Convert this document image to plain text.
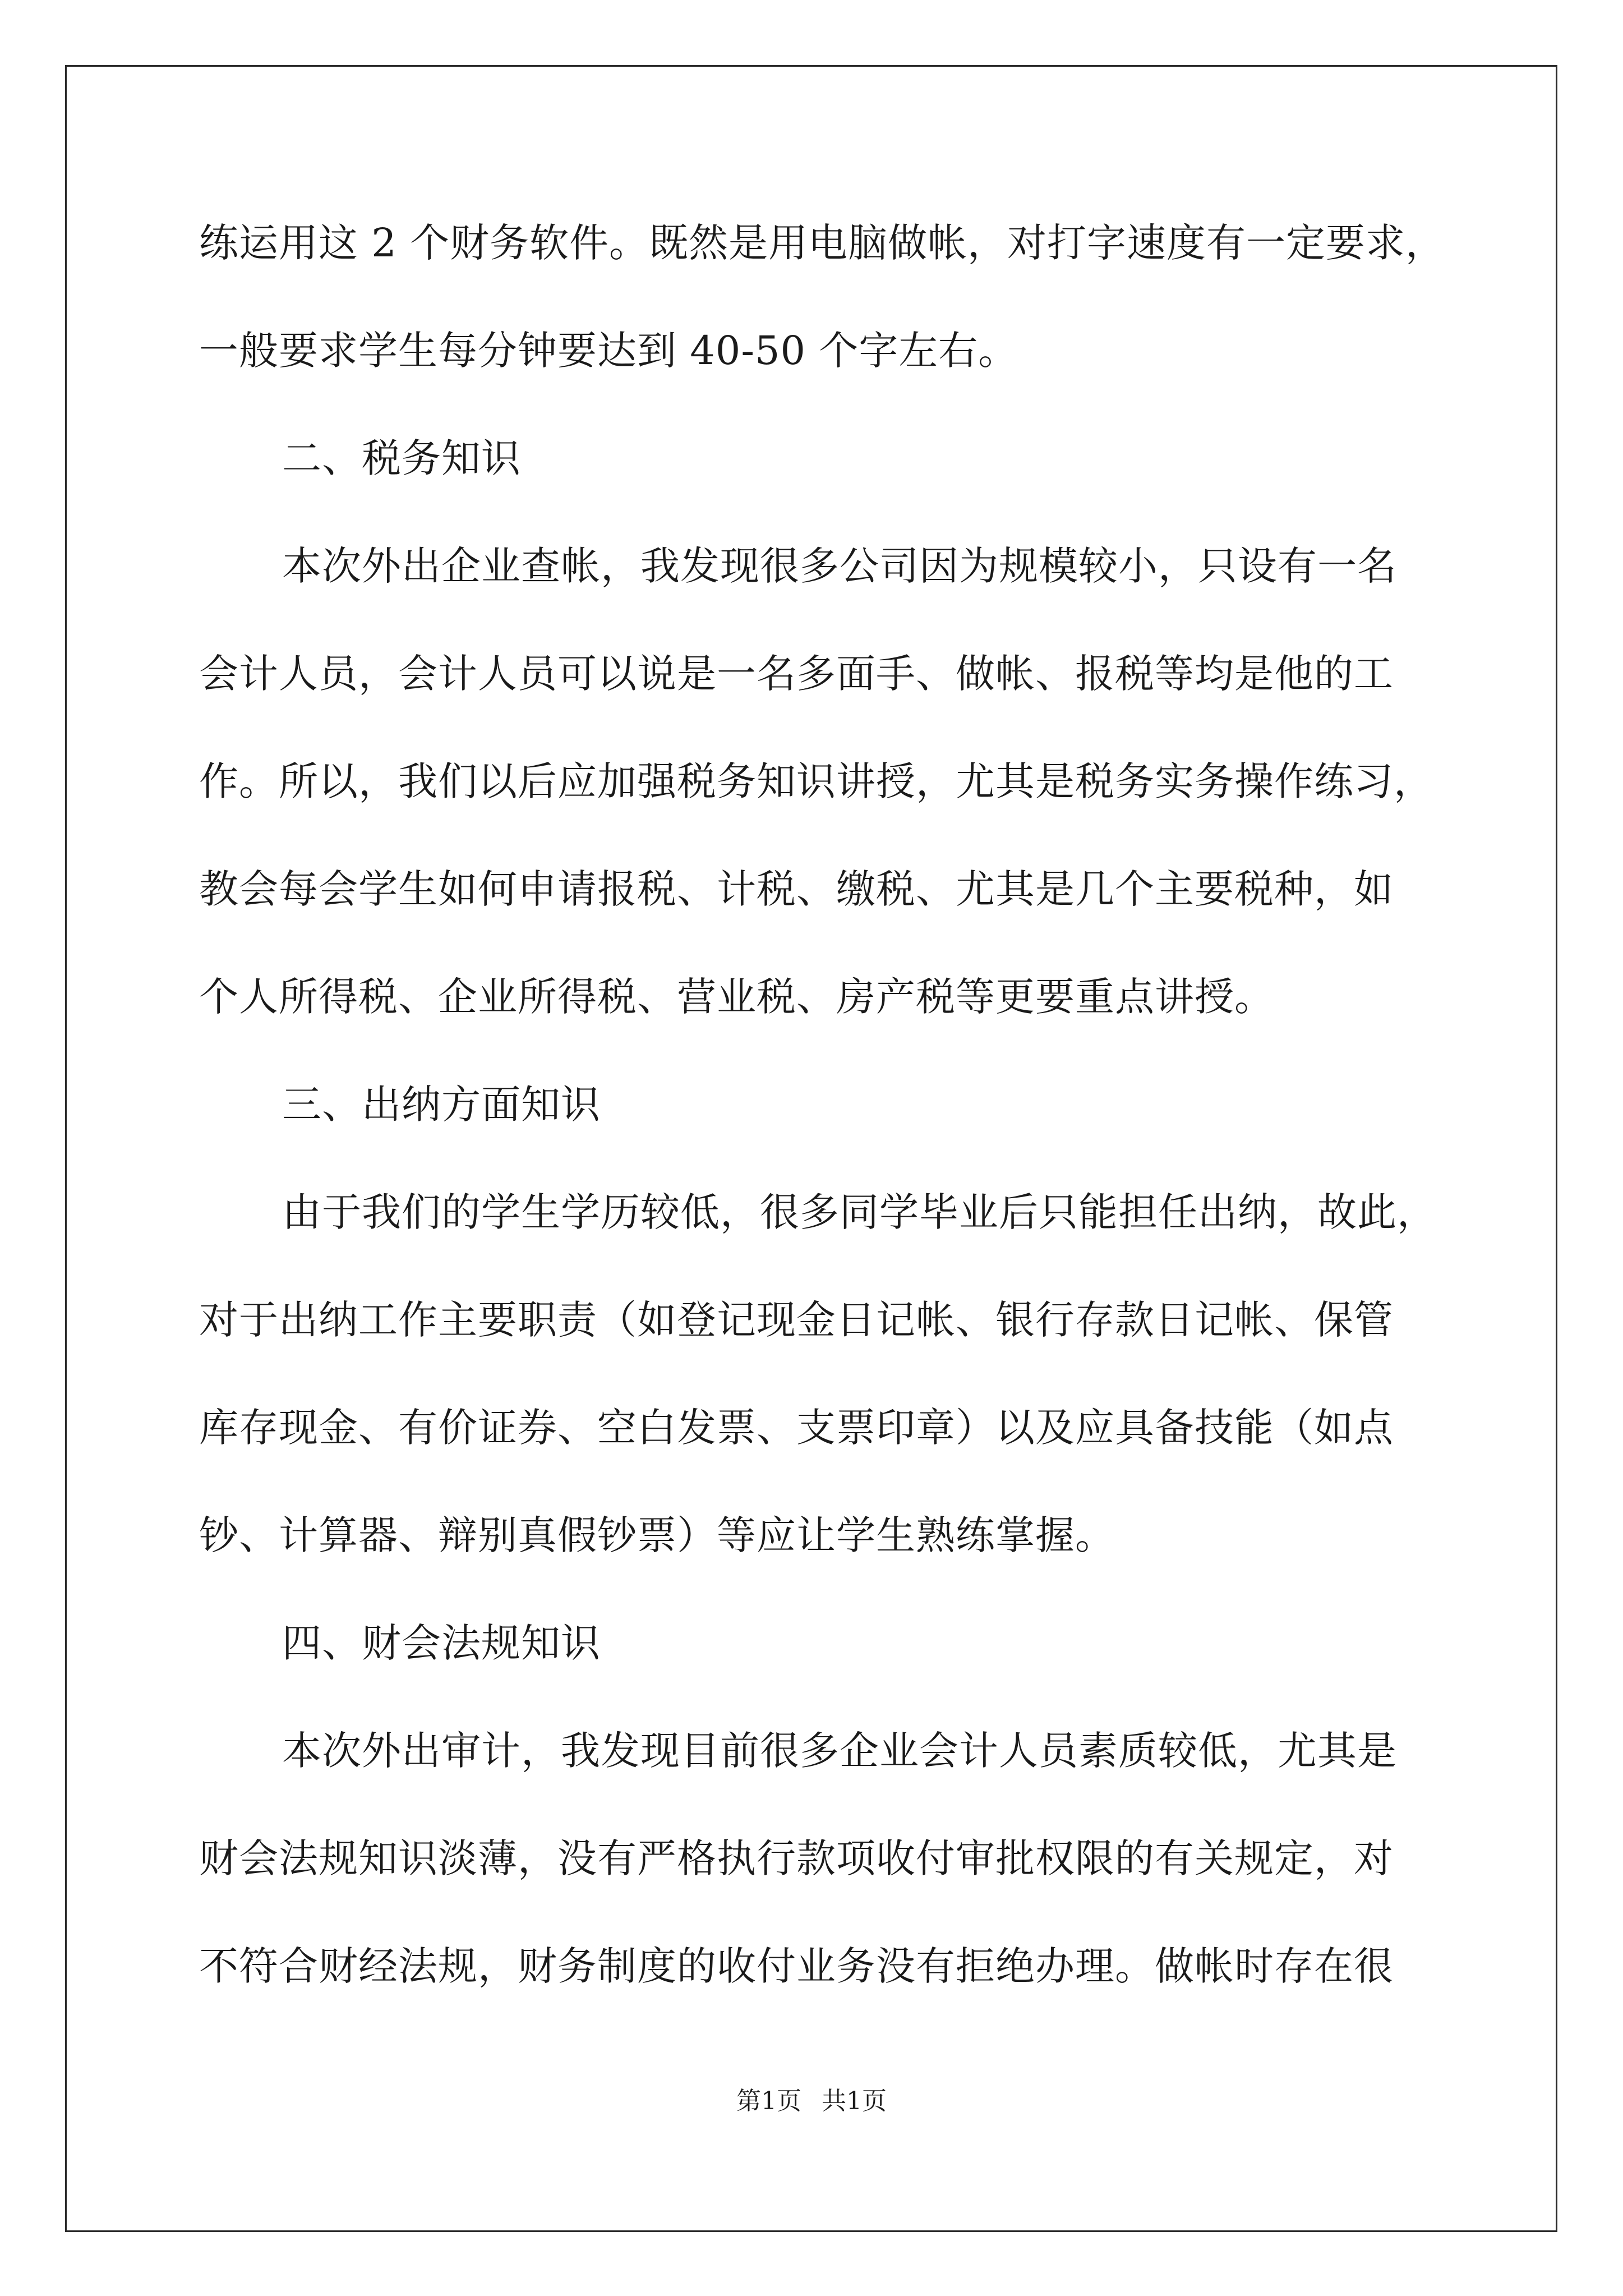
练运用这 2 个财务软件。既然是用电脑做帐，对打字速度有一定要求，
一般要求学生每分钟要达到 40-50 个字左右。
二、税务知识
本次外出企业查帐，我发现很多公司因为规模较小，只设有一名
会计人员，会计人员可以说是一名多面手、做帐、报税等均是他的工
作。所以，我们以后应加强税务知识讲授，尤其是税务实务操作练习，
教会每会学生如何申请报税、计税、缴税、尤其是几个主要税种，如
个人所得税、企业所得税、营业税、房产税等更要重点讲授。
三、出纳方面知识
由于我们的学生学历较低，很多同学毕业后只能担任出纳，故此，
对于出纳工作主要职责（如登记现金日记帐、银行存款日记帐、保管
库存现金、有价证券、空白发票、支票印章）以及应具备技能（如点
钞、计算器、辩别真假钞票）等应让学生熟练掌握。
四、财会法规知识
本次外出审计，我发现目前很多企业会计人员素质较低，尤其是
财会法规知识淡薄，没有严格执行款项收付审批权限的有关规定，对
不符合财经法规，财务制度的收付业务没有拒绝办理。做帐时存在很
第1页 共1页
